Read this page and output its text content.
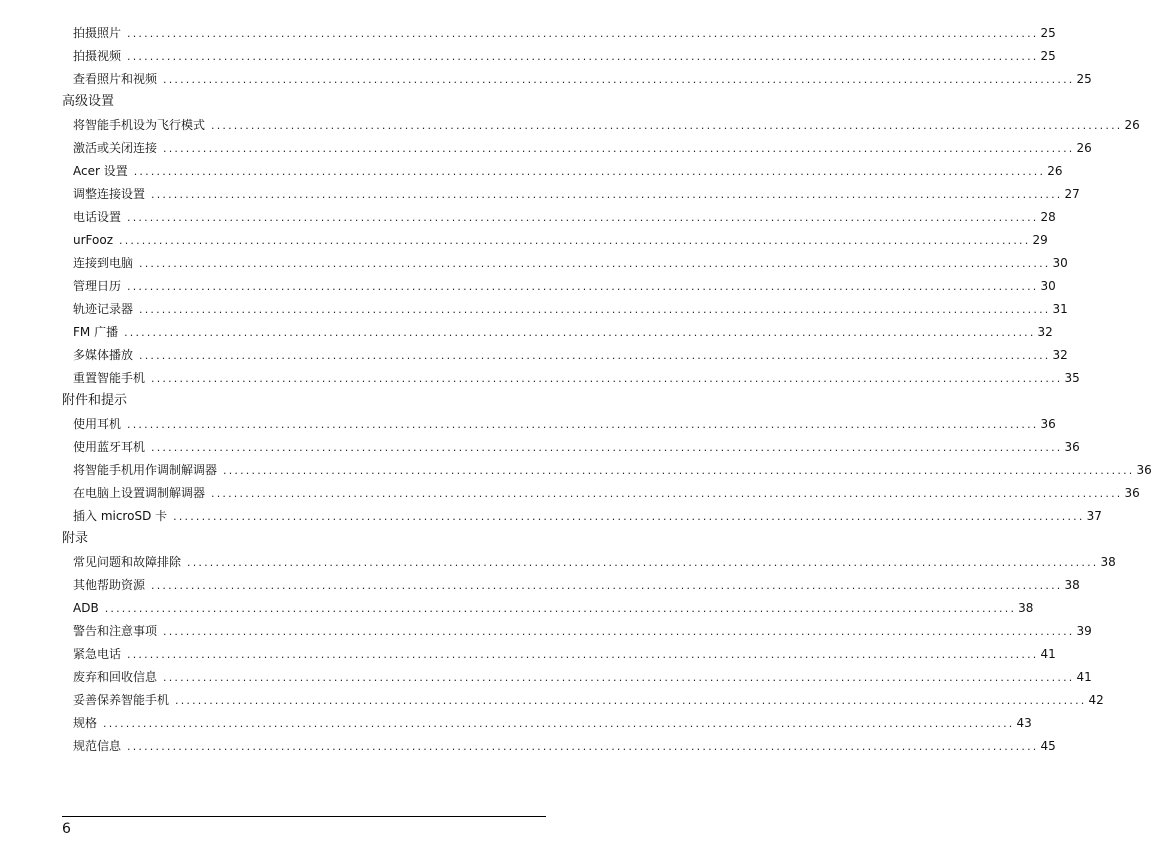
拍摄照片 ................................................................................................................................................................ 25
拍摄视频 ................................................................................................................................................................ 25
查看照片和视频 ................................................................................................................................................................ 25
高级设置
将智能手机设为飞行模式 ................................................................................................................................................................ 26
激活或关闭连接 ................................................................................................................................................................ 26
Acer 设置 ................................................................................................................................................................ 26
调整连接设置 ................................................................................................................................................................ 27
电话设置 ................................................................................................................................................................ 28
urFooz ................................................................................................................................................................ 29
连接到电脑 ................................................................................................................................................................ 30
管理日历 ................................................................................................................................................................ 30
轨迹记录器 ................................................................................................................................................................ 31
FM 广播 ................................................................................................................................................................ 32
多媒体播放 ................................................................................................................................................................ 32
重置智能手机 ................................................................................................................................................................ 35
附件和提示
使用耳机 ................................................................................................................................................................ 36
使用蓝牙耳机 ................................................................................................................................................................ 36
将智能手机用作调制解调器 ................................................................................................................................................................ 36
在电脑上设置调制解调器 ................................................................................................................................................................ 36
插入 microSD 卡 ................................................................................................................................................................ 37
附录
常见问题和故障排除 ................................................................................................................................................................ 38
其他帮助资源 ................................................................................................................................................................ 38
ADB ................................................................................................................................................................ 38
警告和注意事项 ................................................................................................................................................................ 39
紧急电话 ................................................................................................................................................................ 41
废弃和回收信息 ................................................................................................................................................................ 41
妥善保养智能手机 ................................................................................................................................................................ 42
规格 ................................................................................................................................................................ 43
规范信息 ................................................................................................................................................................ 45
6
